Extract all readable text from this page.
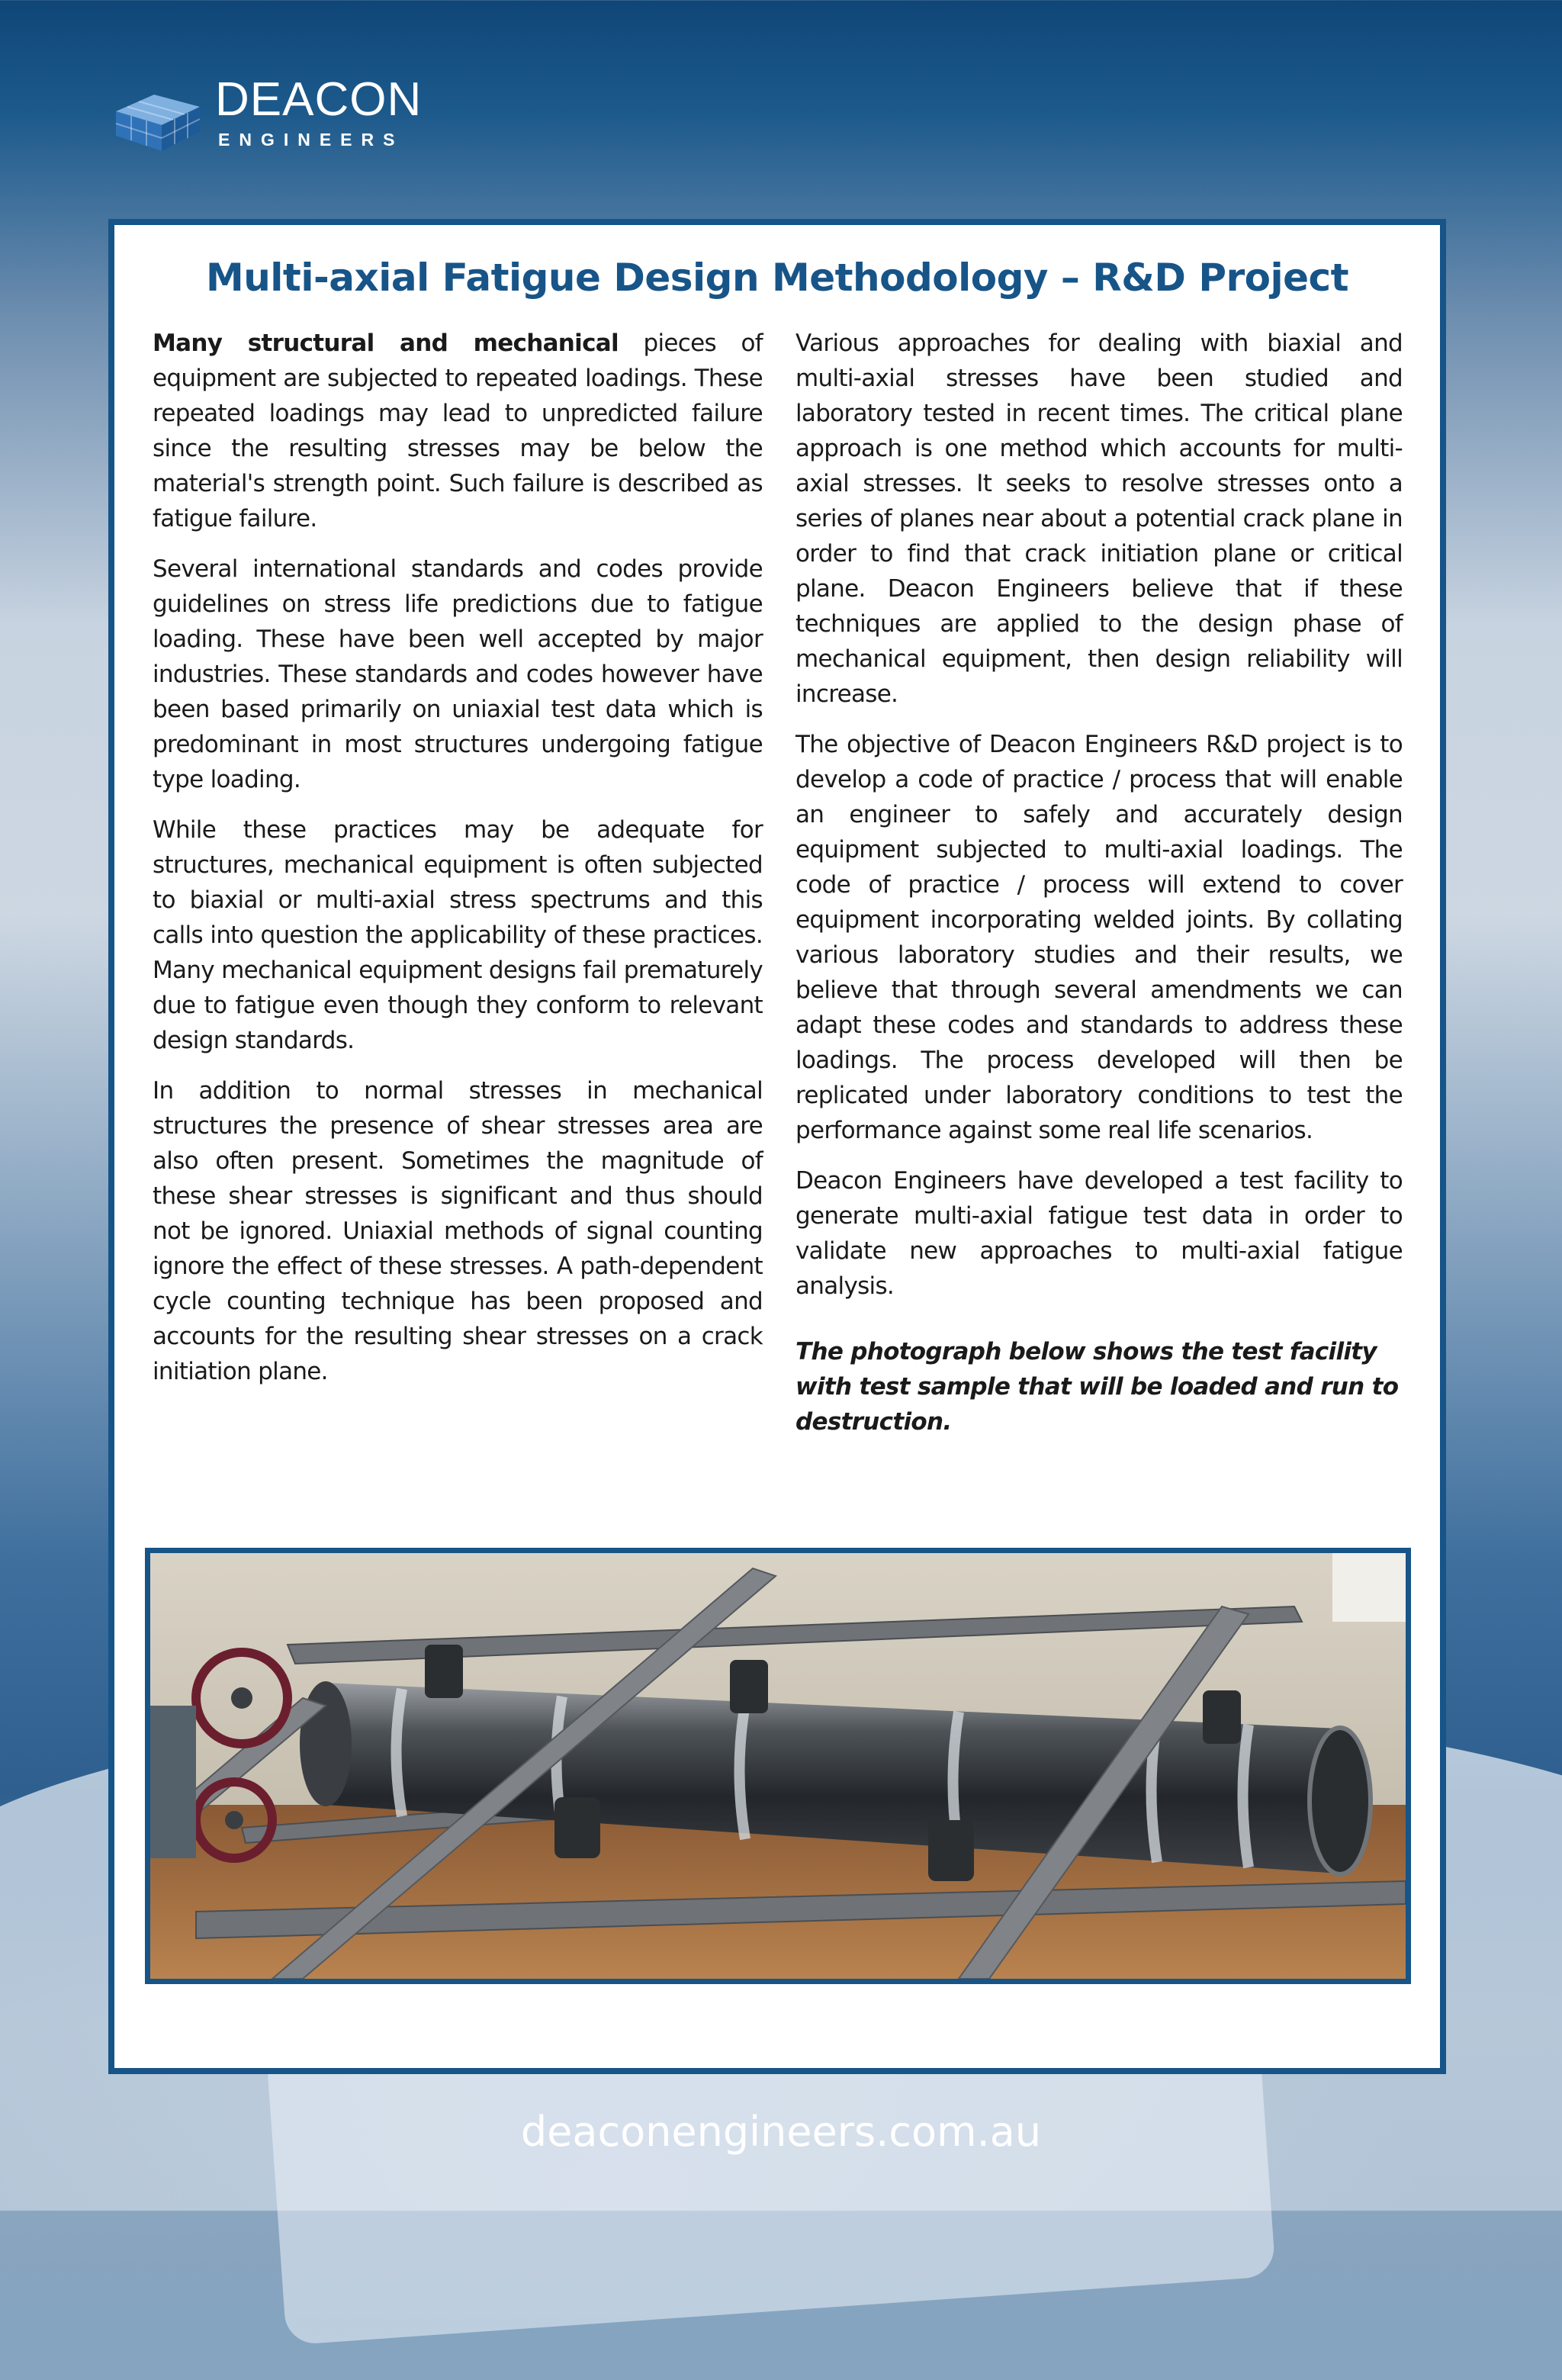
DEACON
ENGINEERS
Multi-axial Fatigue Design Methodology – R&D Project

Many structural and mechanical pieces of equipment are subjected to repeated loadings. These repeated loadings may lead to unpredicted failure since the resulting stresses may be below the material's strength point. Such failure is described as fatigue failure.

Several international standards and codes provide guidelines on stress life predictions due to fatigue loading. These have been well accepted by major industries. These standards and codes however have been based primarily on uniaxial test data which is predominant in most structures undergoing fatigue type loading.

While these practices may be adequate for structures, mechanical equipment is often subjected to biaxial or multi-axial stress spectrums and this calls into question the applicability of these practices. Many mechanical equipment designs fail prematurely due to fatigue even though they conform to relevant design standards.

In addition to normal stresses in mechanical structures the presence of shear stresses area are also often present. Sometimes the magnitude of these shear stresses is significant and thus should not be ignored. Uniaxial methods of signal counting ignore the effect of these stresses. A path-dependent cycle counting technique has been proposed and accounts for the resulting shear stresses on a crack initiation plane.

Various approaches for dealing with biaxial and multi-axial stresses have been studied and laboratory tested in recent times. The critical plane approach is one method which accounts for multi-axial stresses. It seeks to resolve stresses onto a series of planes near about a potential crack plane in order to find that crack initiation plane or critical plane. Deacon Engineers believe that if these techniques are applied to the design phase of mechanical equipment, then design reliability will increase.

The objective of Deacon Engineers R&D project is to develop a code of practice / process that will enable an engineer to safely and accurately design equipment subjected to multi-axial loadings. The code of practice / process will extend to cover equipment incorporating welded joints. By collating various laboratory studies and their results, we believe that through several amendments we can adapt these codes and standards to address these loadings. The process developed will then be replicated under laboratory conditions to test the performance against some real life scenarios.

Deacon Engineers have developed a test facility to generate multi-axial fatigue test data in order to validate new approaches to multi-axial fatigue analysis.

The photograph below shows the test facility with test sample that will be loaded and run to destruction.

deaconengineers.com.au
